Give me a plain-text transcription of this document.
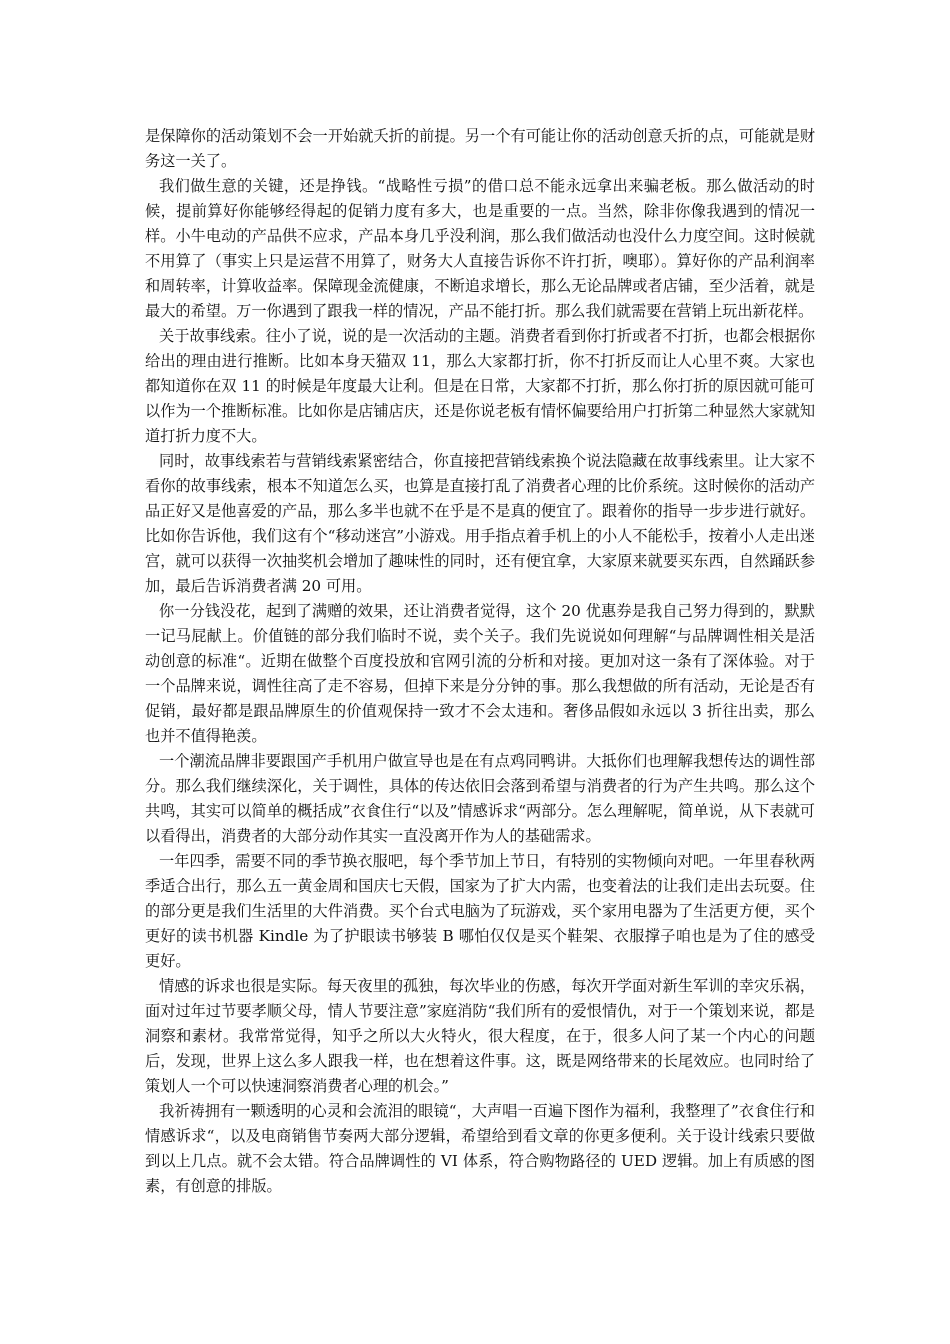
是保障你的活动策划不会一开始就夭折的前提。另一个有可能让你的活动创意夭折的点，可能就是财务这一关了。

我们做生意的关键，还是挣钱。“战略性亏损”的借口总不能永远拿出来骗老板。那么做活动的时候，提前算好你能够经得起的促销力度有多大，也是重要的一点。当然，除非你像我遇到的情况一样。小牛电动的产品供不应求，产品本身几乎没利润，那么我们做活动也没什么力度空间。这时候就不用算了（事实上只是运营不用算了，财务大人直接告诉你不许打折，噢耶）。算好你的产品利润率和周转率，计算收益率。保障现金流健康，不断追求增长，那么无论品牌或者店铺，至少活着，就是最大的希望。万一你遇到了跟我一样的情况，产品不能打折。那么我们就需要在营销上玩出新花样。

关于故事线索。往小了说，说的是一次活动的主题。消费者看到你打折或者不打折，也都会根据你给出的理由进行推断。比如本身天猫双 11，那么大家都打折，你不打折反而让人心里不爽。大家也都知道你在双 11 的时候是年度最大让利。但是在日常，大家都不打折，那么你打折的原因就可能可以作为一个推断标准。比如你是店铺店庆，还是你说老板有情怀偏要给用户打折第二种显然大家就知道打折力度不大。

同时，故事线索若与营销线索紧密结合，你直接把营销线索换个说法隐藏在故事线索里。让大家不看你的故事线索，根本不知道怎么买，也算是直接打乱了消费者心理的比价系统。这时候你的活动产品正好又是他喜爱的产品，那么多半也就不在乎是不是真的便宜了。跟着你的指导一步步进行就好。比如你告诉他，我们这有个“移动迷宫”小游戏。用手指点着手机上的小人不能松手，按着小人走出迷宫，就可以获得一次抽奖机会增加了趣味性的同时，还有便宜拿，大家原来就要买东西，自然踊跃参加，最后告诉消费者满 20 可用。

你一分钱没花，起到了满赠的效果，还让消费者觉得，这个 20 优惠券是我自己努力得到的，默默一记马屁献上。价值链的部分我们临时不说，卖个关子。我们先说说如何理解“与品牌调性相关是活动创意的标准“。近期在做整个百度投放和官网引流的分析和对接。更加对这一条有了深体验。对于一个品牌来说，调性往高了走不容易，但掉下来是分分钟的事。那么我想做的所有活动，无论是否有促销，最好都是跟品牌原生的价值观保持一致才不会太违和。奢侈品假如永远以 3 折往出卖，那么也并不值得艳羡。

一个潮流品牌非要跟国产手机用户做宣导也是在有点鸡同鸭讲。大抵你们也理解我想传达的调性部分。那么我们继续深化，关于调性，具体的传达依旧会落到希望与消费者的行为产生共鸣。那么这个共鸣，其实可以简单的概括成”衣食住行“以及”情感诉求“两部分。怎么理解呢，简单说，从下表就可以看得出，消费者的大部分动作其实一直没离开作为人的基础需求。

一年四季，需要不同的季节换衣服吧，每个季节加上节日，有特别的实物倾向对吧。一年里春秋两季适合出行，那么五一黄金周和国庆七天假，国家为了扩大内需，也变着法的让我们走出去玩耍。住的部分更是我们生活里的大件消费。买个台式电脑为了玩游戏，买个家用电器为了生活更方便，买个更好的读书机器 Kindle 为了护眼读书够装 B 哪怕仅仅是买个鞋架、衣服撑子咱也是为了住的感受更好。

情感的诉求也很是实际。每天夜里的孤独，每次毕业的伤感，每次开学面对新生军训的幸灾乐祸，面对过年过节要孝顺父母，情人节要注意”家庭消防“我们所有的爱恨情仇，对于一个策划来说，都是洞察和素材。我常常觉得，知乎之所以大火特火，很大程度，在于，很多人问了某一个内心的问题后，发现，世界上这么多人跟我一样，也在想着这件事。这，既是网络带来的长尾效应。也同时给了策划人一个可以快速洞察消费者心理的机会。”

我祈祷拥有一颗透明的心灵和会流泪的眼镜“，大声唱一百遍下图作为福利，我整理了”衣食住行和情感诉求“，以及电商销售节奏两大部分逻辑，希望给到看文章的你更多便利。关于设计线索只要做到以上几点。就不会太错。符合品牌调性的 VI 体系，符合购物路径的 UED 逻辑。加上有质感的图素，有创意的排版。
